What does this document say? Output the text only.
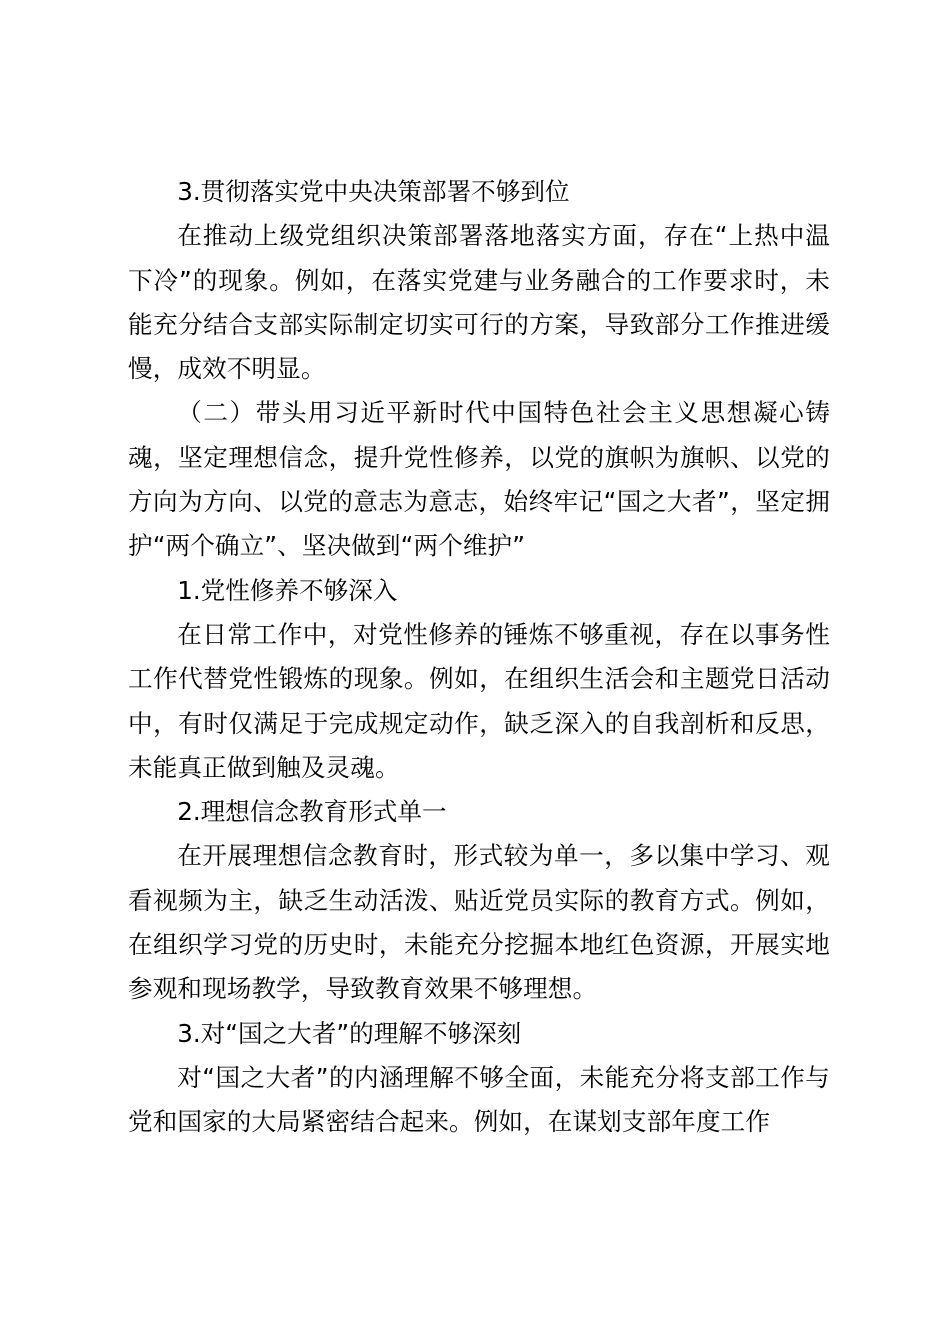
3.贯彻落实党中央决策部署不够到位

在推动上级党组织决策部署落地落实方面，存在“上热中温下冷”的现象。例如，在落实党建与业务融合的工作要求时，未能充分结合支部实际制定切实可行的方案，导致部分工作推进缓慢，成效不明显。

（二）带头用习近平新时代中国特色社会主义思想凝心铸魂，坚定理想信念，提升党性修养，以党的旗帜为旗帜、以党的方向为方向、以党的意志为意志，始终牢记“国之大者”，坚定拥护“两个确立”、坚决做到“两个维护”

1.党性修养不够深入

在日常工作中，对党性修养的锤炼不够重视，存在以事务性工作代替党性锻炼的现象。例如，在组织生活会和主题党日活动中，有时仅满足于完成规定动作，缺乏深入的自我剖析和反思，未能真正做到触及灵魂。

2.理想信念教育形式单一

在开展理想信念教育时，形式较为单一，多以集中学习、观看视频为主，缺乏生动活泼、贴近党员实际的教育方式。例如，在组织学习党的历史时，未能充分挖掘本地红色资源，开展实地参观和现场教学，导致教育效果不够理想。

3.对“国之大者”的理解不够深刻

对“国之大者”的内涵理解不够全面，未能充分将支部工作与党和国家的大局紧密结合起来。例如，在谋划支部年度工作
